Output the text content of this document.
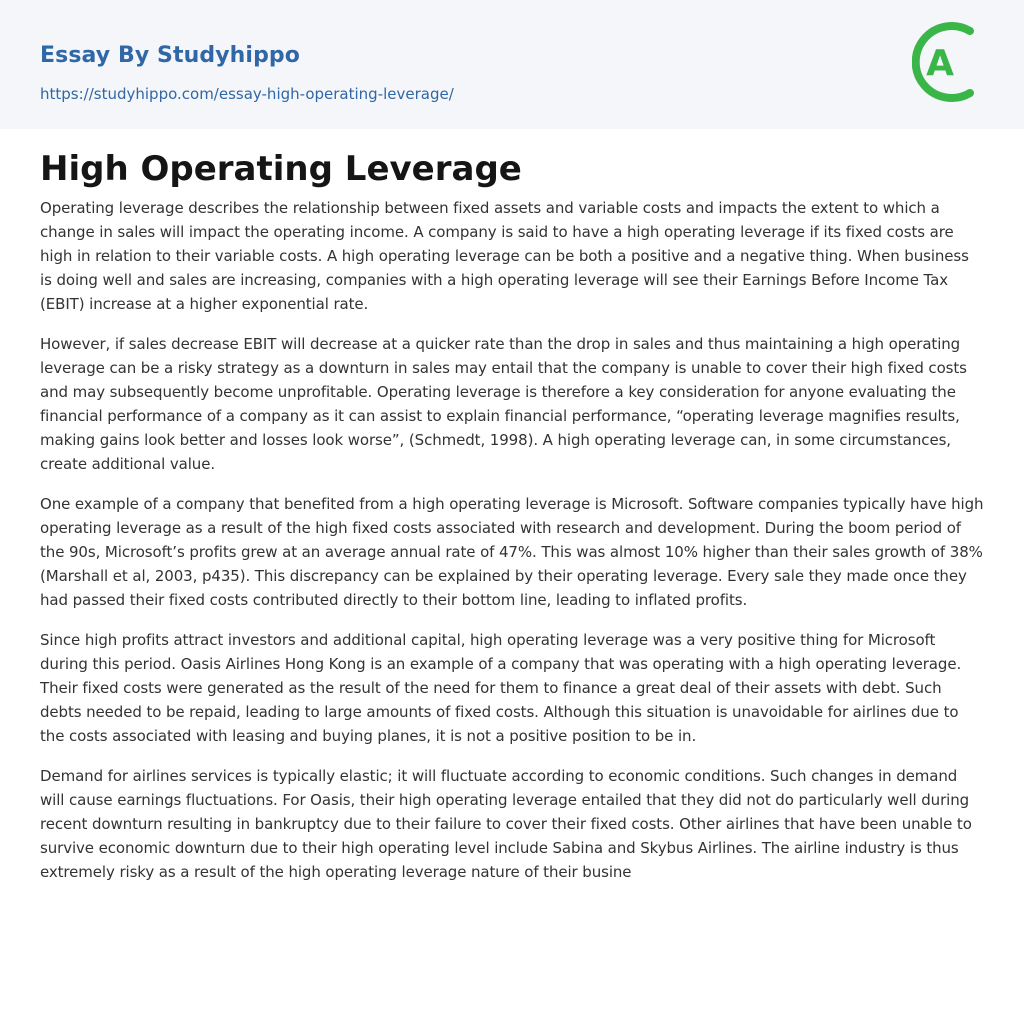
Essay By Studyhippo
https://studyhippo.com/essay-high-operating-leverage/
A
High Operating Leverage

Operating leverage describes the relationship between fixed assets and variable costs and impacts the extent to which a change in sales will impact the operating income. A company is said to have a high operating leverage if its fixed costs are high in relation to their variable costs. A high operating leverage can be both a positive and a negative thing. When business is doing well and sales are increasing, companies with a high operating leverage will see their Earnings Before Income Tax (EBIT) increase at a higher exponential rate.

However, if sales decrease EBIT will decrease at a quicker rate than the drop in sales and thus maintaining a high operating leverage can be a risky strategy as a downturn in sales may entail that the company is unable to cover their high fixed costs and may subsequently become unprofitable. Operating leverage is therefore a key consideration for anyone evaluating the financial performance of a company as it can assist to explain financial performance, “operating leverage magnifies results, making gains look better and losses look worse”, (Schmedt, 1998). A high operating leverage can, in some circumstances, create additional value.

One example of a company that benefited from a high operating leverage is Microsoft. Software companies typically have high operating leverage as a result of the high fixed costs associated with research and development. During the boom period of the 90s, Microsoft’s profits grew at an average annual rate of 47%. This was almost 10% higher than their sales growth of 38% (Marshall et al, 2003, p435). This discrepancy can be explained by their operating leverage. Every sale they made once they had passed their fixed costs contributed directly to their bottom line, leading to inflated profits.

Since high profits attract investors and additional capital, high operating leverage was a very positive thing for Microsoft during this period. Oasis Airlines Hong Kong is an example of a company that was operating with a high operating leverage. Their fixed costs were generated as the result of the need for them to finance a great deal of their assets with debt. Such debts needed to be repaid, leading to large amounts of fixed costs. Although this situation is unavoidable for airlines due to the costs associated with leasing and buying planes, it is not a positive position to be in.

Demand for airlines services is typically elastic; it will fluctuate according to economic conditions. Such changes in demand will cause earnings fluctuations. For Oasis, their high operating leverage entailed that they did not do particularly well during recent downturn resulting in bankruptcy due to their failure to cover their fixed costs. Other airlines that have been unable to survive economic downturn due to their high operating level include Sabina and Skybus Airlines. The airline industry is thus extremely risky as a result of the high operating leverage nature of their busine
